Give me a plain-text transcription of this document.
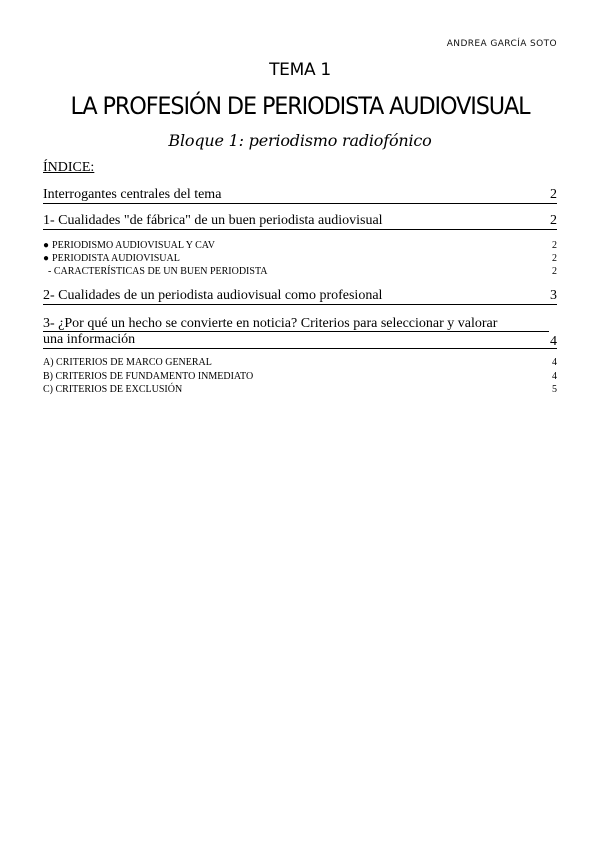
ANDREA GARCÍA SOTO
TEMA 1
LA PROFESIÓN DE PERIODISTA AUDIOVISUAL
Bloque 1: periodismo radiofónico
ÍNDICE:
Interrogantes centrales del tema	2
1- Cualidades "de fábrica" de un buen periodista audiovisual	2
● PERIODISMO AUDIOVISUAL Y CAV	2
● PERIODISTA AUDIOVISUAL	2
- CARACTERÍSTICAS DE UN BUEN PERIODISTA	2
2- Cualidades de un periodista audiovisual como profesional	3
3- ¿Por qué un hecho se convierte en noticia? Criterios para seleccionar y valorar
una información	4
A) CRITERIOS DE MARCO GENERAL	4
B) CRITERIOS DE FUNDAMENTO INMEDIATO	4
C) CRITERIOS DE EXCLUSIÓN	5
